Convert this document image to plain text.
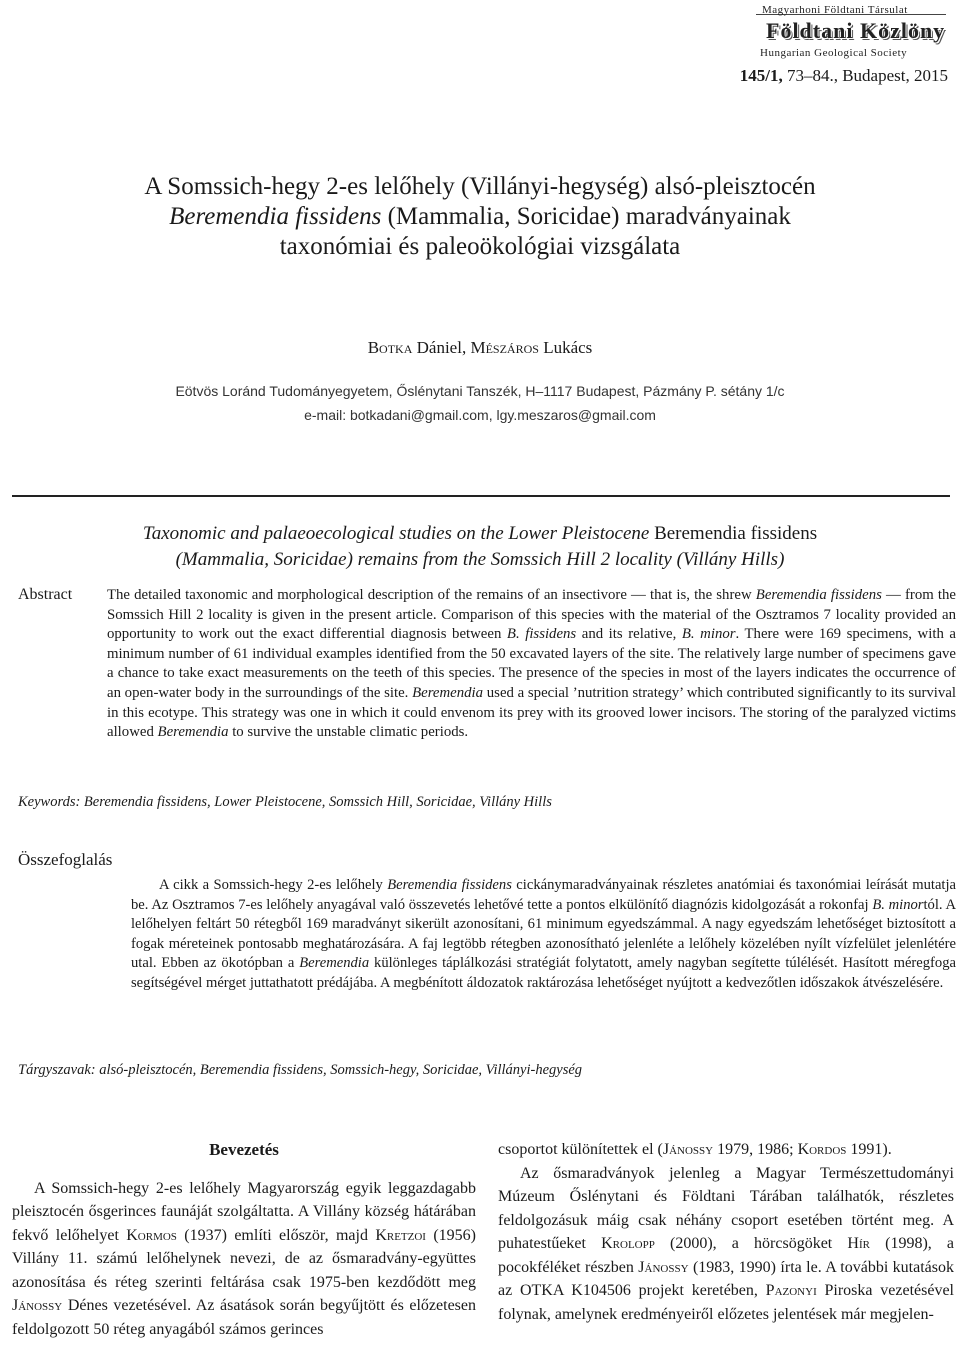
Magyarhoni Földtani Társulat
Földtani Közlöny
Hungarian Geological Society
145/1, 73–84., Budapest, 2015
A Somssich-hegy 2-es lelőhely (Villányi-hegység) alsó-pleisztocén
Beremendia fissidens (Mammalia, Soricidae) maradványainak
taxonómiai és paleoökológiai vizsgálata
Botka Dániel, Mészáros Lukács
Eötvös Loránd Tudományegyetem, Őslénytani Tanszék, H–1117 Budapest, Pázmány P. sétány 1/c
e-mail: botkadani@gmail.com, lgy.meszaros@gmail.com
Taxonomic and palaeoecological studies on the Lower Pleistocene Beremendia fissidens
(Mammalia, Soricidae) remains from the Somssich Hill 2 locality (Villány Hills)
Abstract The detailed taxonomic and morphological description of the remains of an insectivore — that is, the shrew Beremendia fissidens — from the Somssich Hill 2 locality is given in the present article. Comparison of this species with the material of the Osztramos 7 locality provided an opportunity to work out the exact differential diagnosis between B. fissidens and its relative, B. minor. There were 169 specimens, with a minimum number of 61 individual examples identified from the 50 excavated layers of the site. The relatively large number of specimens gave a chance to take exact measurements on the teeth of this species. The presence of the species in most of the layers indicates the occurrence of an open-water body in the surroundings of the site. Beremendia used a special ’nutrition strategy’ which contributed significantly to its survival in this ecotype. This strategy was one in which it could envenom its prey with its grooved lower incisors. The storing of the paralyzed victims allowed Beremendia to survive the unstable climatic periods.
Keywords: Beremendia fissidens, Lower Pleistocene, Somssich Hill, Soricidae, Villány Hills
Összefoglalás
A cikk a Somssich-hegy 2-es lelőhely Beremendia fissidens cickánymaradványainak részletes anatómiai és taxonómiai leírását mutatja be. Az Osztramos 7-es lelőhely anyagával való összevetés lehetővé tette a pontos elkülönítő diagnózis kidolgozását a rokonfaj B. minortól. A lelőhelyen feltárt 50 rétegből 169 maradványt sikerült azonosítani, 61 minimum egyedszámmal. A nagy egyedszám lehetőséget biztosított a fogak méreteinek pontosabb meghatározására. A faj legtöbb rétegben azonosítható jelenléte a lelőhely közelében nyílt vízfelület jelenlétére utal. Ebben az ökotópban a Beremendia különleges táplálkozási stratégiát folytatott, amely nagyban segítette túlélését. Hasított méregfoga segítségével mérget juttathatott prédájába. A megbénított áldozatok raktározása lehetőséget nyújtott a kedvezőtlen időszakok átvészelésére.
Tárgyszavak: alsó-pleisztocén, Beremendia fissidens, Somssich-hegy, Soricidae, Villányi-hegység
Bevezetés

A Somssich-hegy 2-es lelőhely Magyarország egyik leggazdagabb pleisztocén ősgerinces faunáját szolgáltatta. A Villány község hátárában fekvő lelőhelyet Kormos (1937) említi először, majd Kretzoi (1956) Villány 11. számú lelőhelynek nevezi, de az ősmaradvány-együttes azonosítása és réteg szerinti feltárása csak 1975-ben kezdődött meg Jánossy Dénes vezetésével. Az ásatások során begyűjtött és előzetesen feldolgozott 50 réteg anyagából számos gerinces

csoportot különítettek el (Jánossy 1979, 1986; Kordos 1991).

Az ősmaradványok jelenleg a Magyar Természettudományi Múzeum Őslénytani és Földtani Tárában találhatók, részletes feldolgozásuk máig csak néhány csoport esetében történt meg. A puhatestűeket Krolopp (2000), a hörcsögöket Hír (1998), a pocokféléket részben Jánossy (1983, 1990) írta le. A további kutatások az OTKA K104506 projekt keretében, Pazonyi Piroska vezetésével folynak, amelynek eredményeiről előzetes jelentések már megjelen-
